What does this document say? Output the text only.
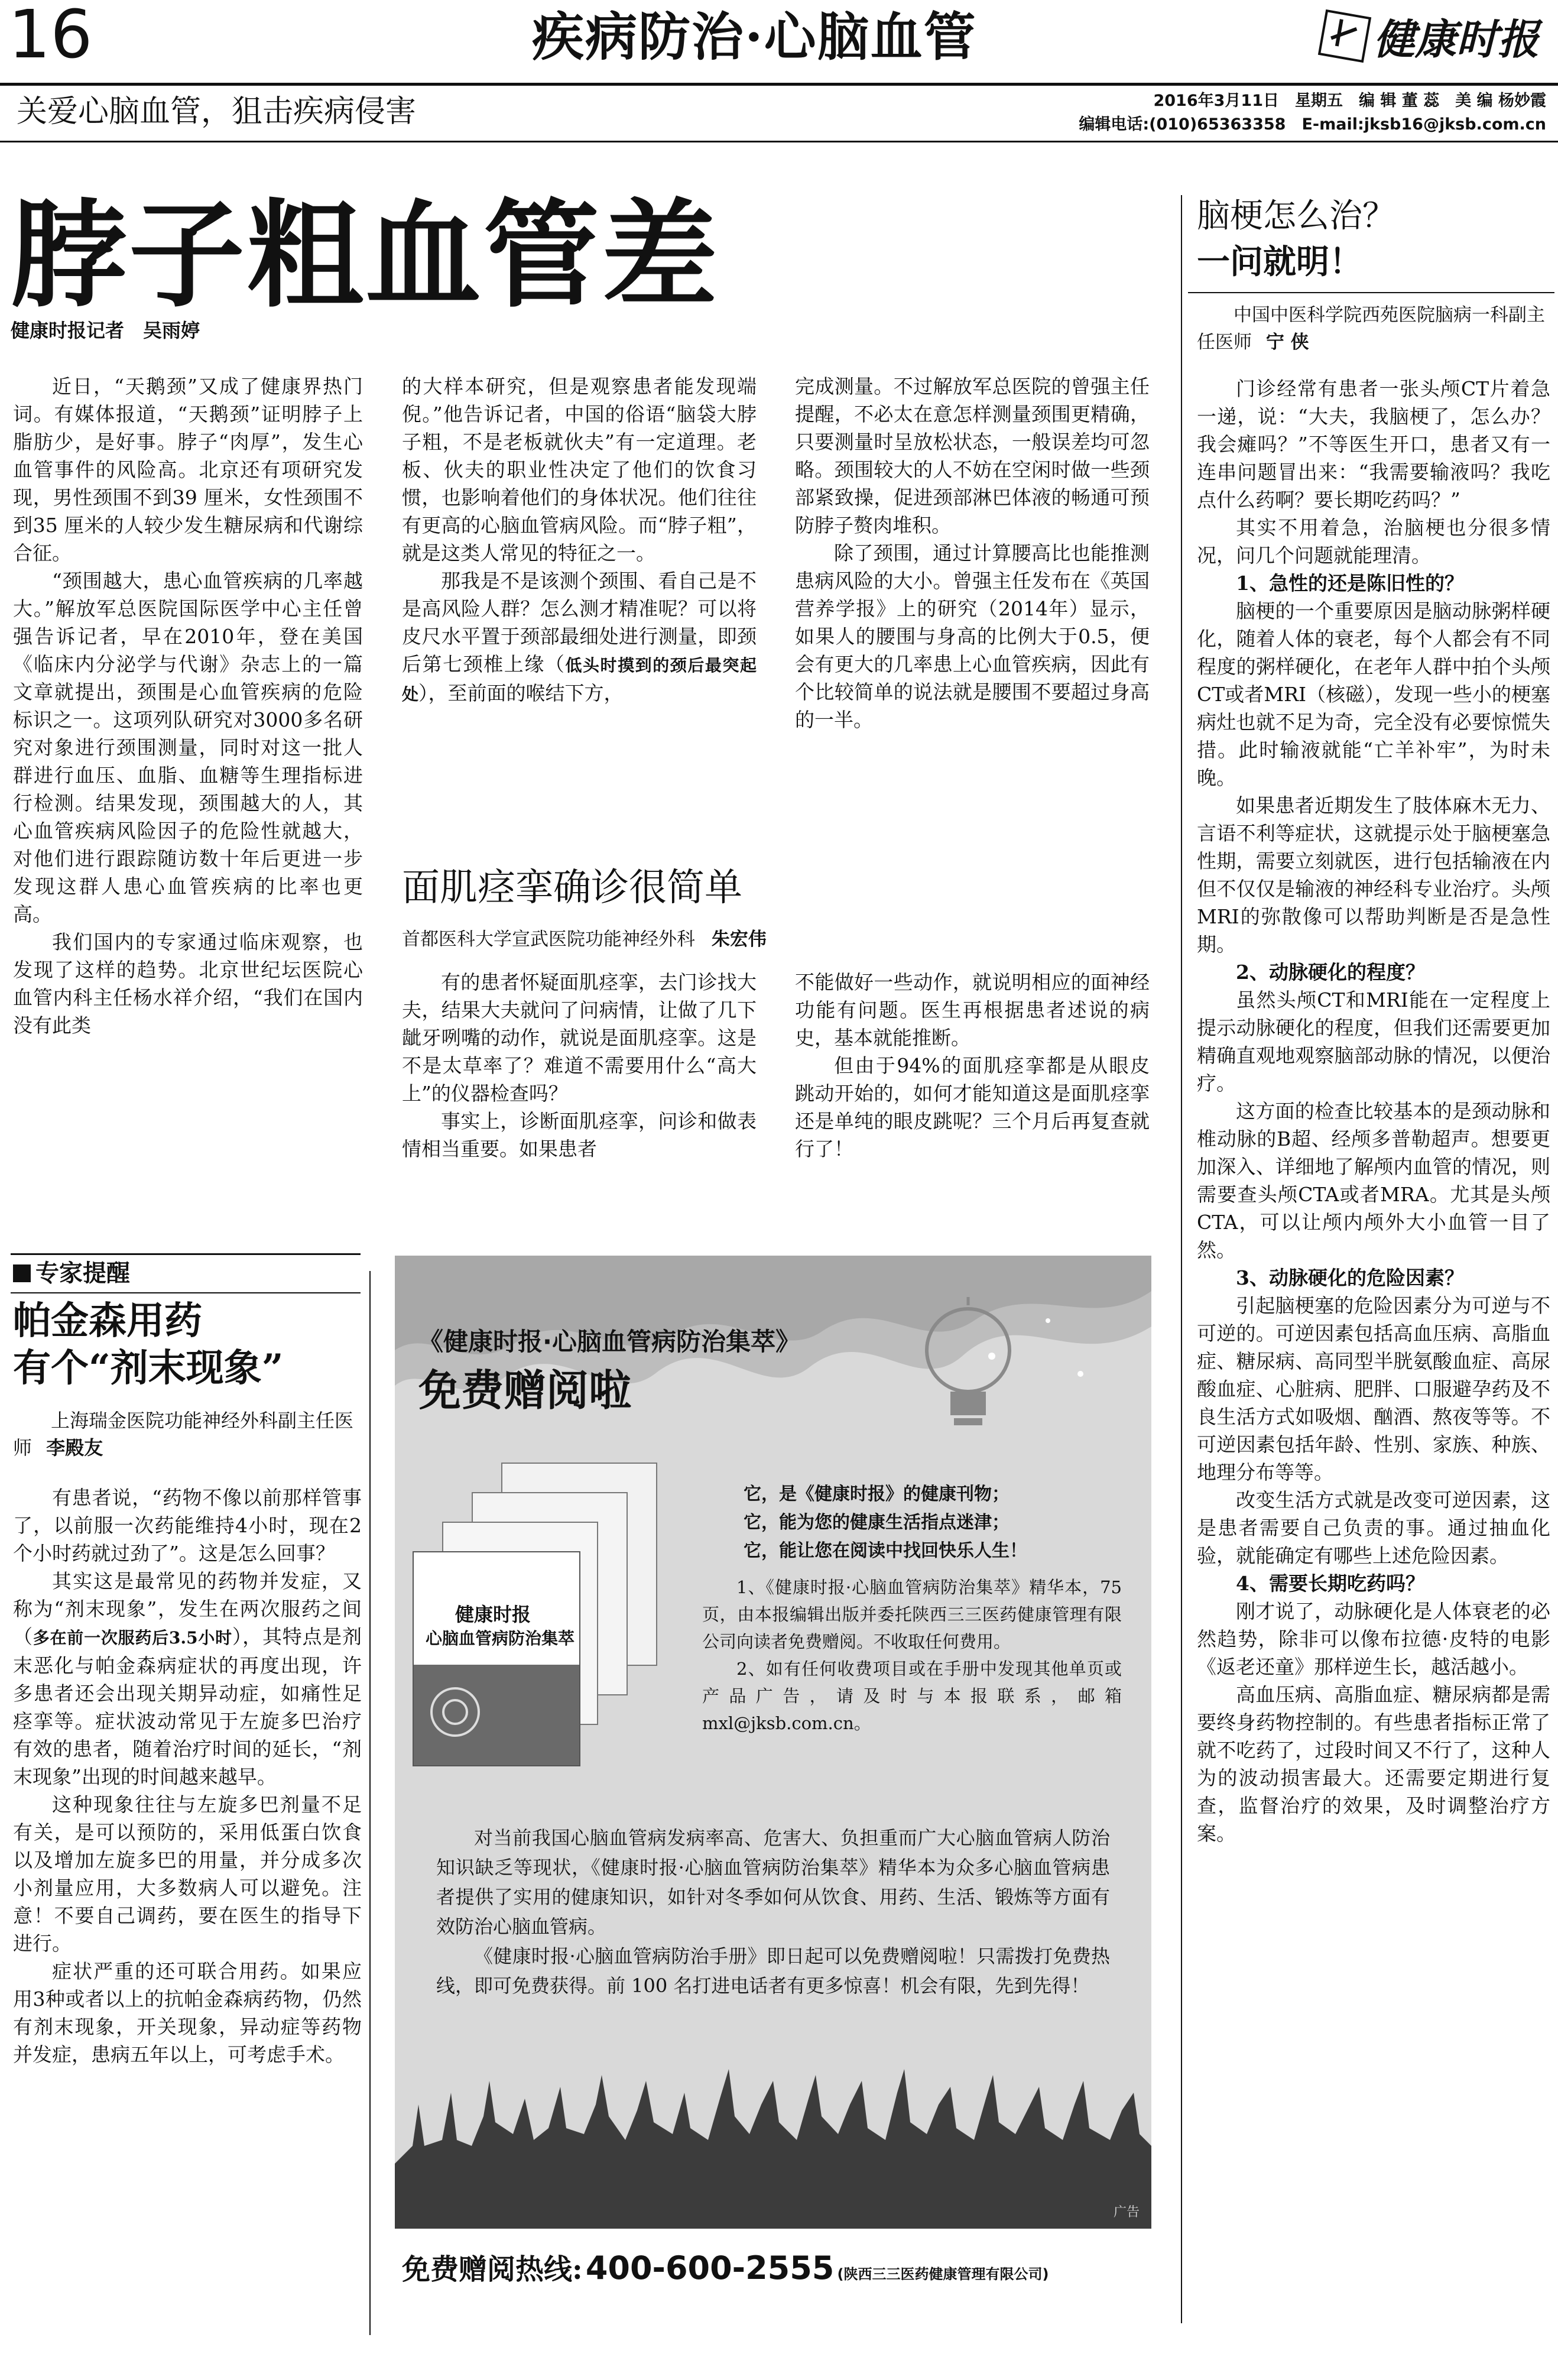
16	疾病防治·心脑血管	健康时报
关爱心脑血管，狙击疾病侵害	2016年3月11日　星期五　编 辑 董 蕊　美 编 杨妙霞
编辑电话:(010)65363358　E-mail:jksb16@jksb.com.cn
脖子粗血管差
健康时报记者　吴雨婷

近日，“天鹅颈”又成了健康界热门词。有媒体报道，“天鹅颈”证明脖子上脂肪少，是好事。脖子“肉厚”，发生心血管事件的风险高。北京还有项研究发现，男性颈围不到39 厘米，女性颈围不到35 厘米的人较少发生糖尿病和代谢综合征。

“颈围越大，患心血管疾病的几率越大。”解放军总医院国际医学中心主任曾强告诉记者，早在2010年，登在美国《临床内分泌学与代谢》杂志上的一篇文章就提出，颈围是心血管疾病的危险标识之一。这项列队研究对3000多名研究对象进行颈围测量，同时对这一批人群进行血压、血脂、血糖等生理指标进行检测。结果发现，颈围越大的人，其心血管疾病风险因子的危险性就越大，对他们进行跟踪随访数十年后更进一步发现这群人患心血管疾病的比率也更高。

我们国内的专家通过临床观察，也发现了这样的趋势。北京世纪坛医院心血管内科主任杨水祥介绍，“我们在国内没有此类

的大样本研究，但是观察患者能发现端倪。”他告诉记者，中国的俗语“脑袋大脖子粗，不是老板就伙夫”有一定道理。老板、伙夫的职业性决定了他们的饮食习惯，也影响着他们的身体状况。他们往往有更高的心脑血管病风险。而“脖子粗”，就是这类人常见的特征之一。

那我是不是该测个颈围、看自己是不是高风险人群？怎么测才精准呢？可以将皮尺水平置于颈部最细处进行测量，即颈后第七颈椎上缘（低头时摸到的颈后最突起处），至前面的喉结下方，

完成测量。不过解放军总医院的曾强主任提醒，不必太在意怎样测量颈围更精确，只要测量时呈放松状态，一般误差均可忽略。颈围较大的人不妨在空闲时做一些颈部紧致操，促进颈部淋巴体液的畅通可预防脖子赘肉堆积。

除了颈围，通过计算腰高比也能推测患病风险的大小。曾强主任发布在《英国营养学报》上的研究（2014年）显示，如果人的腰围与身高的比例大于0.5，便会有更大的几率患上心血管疾病，因此有个比较简单的说法就是腰围不要超过身高的一半。

面肌痉挛确诊很简单
首都医科大学宣武医院功能神经外科 朱宏伟

有的患者怀疑面肌痉挛，去门诊找大夫，结果大夫就问了问病情，让做了几下龇牙咧嘴的动作，就说是面肌痉挛。这是不是太草率了？难道不需要用什么“高大上”的仪器检查吗？

事实上，诊断面肌痉挛，问诊和做表情相当重要。如果患者

不能做好一些动作，就说明相应的面神经功能有问题。医生再根据患者述说的病史，基本就能推断。

但由于94%的面肌痉挛都是从眼皮跳动开始的，如何才能知道这是面肌痉挛还是单纯的眼皮跳呢？三个月后再复查就行了！

专家提醒
帕金森用药
有个“剂末现象”
上海瑞金医院功能神经外科副主任医师 李殿友

有患者说，“药物不像以前那样管事了，以前服一次药能维持4小时，现在2个小时药就过劲了”。这是怎么回事？

其实这是最常见的药物并发症，又称为“剂末现象”，发生在两次服药之间（多在前一次服药后3.5小时），其特点是剂末恶化与帕金森病症状的再度出现，许多患者还会出现关期异动症，如痛性足痉挛等。症状波动常见于左旋多巴治疗有效的患者，随着治疗时间的延长，“剂末现象”出现的时间越来越早。

这种现象往往与左旋多巴剂量不足有关，是可以预防的，采用低蛋白饮食以及增加左旋多巴的用量，并分成多次小剂量应用，大多数病人可以避免。注意！不要自己调药，要在医生的指导下进行。

症状严重的还可联合用药。如果应用3种或者以上的抗帕金森病药物，仍然有剂末现象，开关现象，异动症等药物并发症，患病五年以上，可考虑手术。

《健康时报·心脑血管病防治集萃》
免费赠阅啦
健康时报
心脑血管病防治集萃
它，是《健康时报》的健康刊物；
它，能为您的健康生活指点迷津；
它，能让您在阅读中找回快乐人生！

1、《健康时报·心脑血管病防治集萃》精华本，75页，由本报编辑出版并委托陕西三三医药健康管理有限公司向读者免费赠阅。不收取任何费用。

2、如有任何收费项目或在手册中发现其他单页或产品广告，请及时与本报联系，邮箱mxl@jksb.com.cn。

对当前我国心脑血管病发病率高、危害大、负担重而广大心脑血管病人防治知识缺乏等现状，《健康时报·心脑血管病防治集萃》精华本为众多心脑血管病患者提供了实用的健康知识，如针对冬季如何从饮食、用药、生活、锻炼等方面有效防治心脑血管病。

《健康时报·心脑血管病防治手册》即日起可以免费赠阅啦！只需拨打免费热线，即可免费获得。前 100 名打进电话者有更多惊喜！机会有限，先到先得！

广告
免费赠阅热线: 400-600-2555 (陕西三三医药健康管理有限公司)
脑梗怎么治？
一问就明！
中国中医科学院西苑医院脑病一科副主任医师 宁 侠

门诊经常有患者一张头颅CT片着急一递，说：“大夫，我脑梗了，怎么办？我会瘫吗？”不等医生开口，患者又有一连串问题冒出来：“我需要输液吗？我吃点什么药啊？要长期吃药吗？”

其实不用着急，治脑梗也分很多情况，问几个问题就能理清。

1、急性的还是陈旧性的？

脑梗的一个重要原因是脑动脉粥样硬化，随着人体的衰老，每个人都会有不同程度的粥样硬化，在老年人群中拍个头颅CT或者MRI（核磁），发现一些小的梗塞病灶也就不足为奇，完全没有必要惊慌失措。此时输液就能“亡羊补牢”，为时未晚。

如果患者近期发生了肢体麻木无力、言语不利等症状，这就提示处于脑梗塞急性期，需要立刻就医，进行包括输液在内但不仅仅是输液的神经科专业治疗。头颅MRI的弥散像可以帮助判断是否是急性期。

2、动脉硬化的程度？

虽然头颅CT和MRI能在一定程度上提示动脉硬化的程度，但我们还需要更加精确直观地观察脑部动脉的情况，以便治疗。

这方面的检查比较基本的是颈动脉和椎动脉的B超、经颅多普勒超声。想要更加深入、详细地了解颅内血管的情况，则需要查头颅CTA或者MRA。尤其是头颅CTA，可以让颅内颅外大小血管一目了然。

3、动脉硬化的危险因素？

引起脑梗塞的危险因素分为可逆与不可逆的。可逆因素包括高血压病、高脂血症、糖尿病、高同型半胱氨酸血症、高尿酸血症、心脏病、肥胖、口服避孕药及不良生活方式如吸烟、酗酒、熬夜等等。不可逆因素包括年龄、性别、家族、种族、地理分布等等。

改变生活方式就是改变可逆因素，这是患者需要自己负责的事。通过抽血化验，就能确定有哪些上述危险因素。

4、需要长期吃药吗？

刚才说了，动脉硬化是人体衰老的必然趋势，除非可以像布拉德·皮特的电影《返老还童》那样逆生长，越活越小。

高血压病、高脂血症、糖尿病都是需要终身药物控制的。有些患者指标正常了就不吃药了，过段时间又不行了，这种人为的波动损害最大。还需要定期进行复查，监督治疗的效果，及时调整治疗方案。
